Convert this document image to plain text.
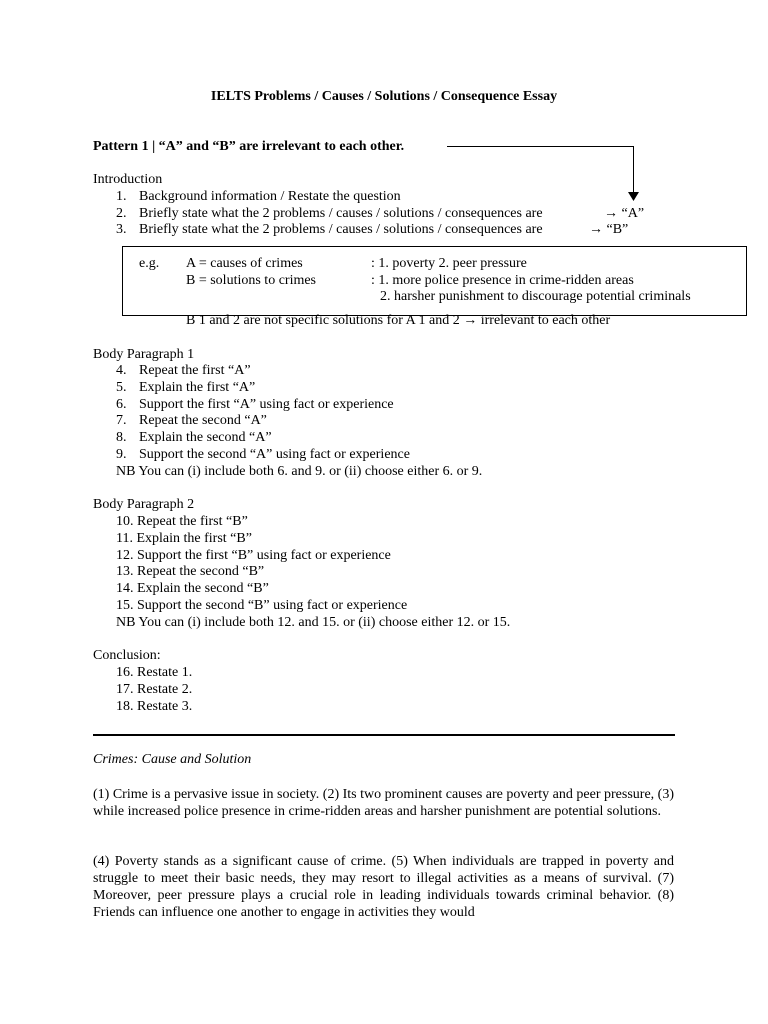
IELTS Problems / Causes / Solutions / Consequence Essay
Pattern 1 | “A” and “B” are irrelevant to each other.
Introduction
1. Background information / Restate the question
2. Briefly state what the 2 problems / causes / solutions / consequences are	→ “A”
3. Briefly state what the 2 problems / causes / solutions / consequences are	→ “B”
e.g. A = causes of crimes	: 1. poverty 2. peer pressure
B = solutions to crimes	: 1. more police presence in crime-ridden areas
2. harsher punishment to discourage potential criminals
B 1 and 2 are not specific solutions for A 1 and 2 → irrelevant to each other
Body Paragraph 1
4. Repeat the first “A”
5. Explain the first “A”
6. Support the first “A” using fact or experience
7. Repeat the second “A”
8. Explain the second “A”
9. Support the second “A” using fact or experience
NB You can (i) include both 6. and 9. or (ii) choose either 6. or 9.
Body Paragraph 2
10. Repeat the first “B”
11. Explain the first “B”
12. Support the first “B” using fact or experience
13. Repeat the second “B”
14. Explain the second “B”
15. Support the second “B” using fact or experience
NB You can (i) include both 12. and 15. or (ii) choose either 12. or 15.
Conclusion:
16. Restate 1.
17. Restate 2.
18. Restate 3.
Crimes: Cause and Solution
(1) Crime is a pervasive issue in society. (2) Its two prominent causes are poverty and peer pressure, (3) while increased police presence in crime-ridden areas and harsher punishment are potential solutions.
(4) Poverty stands as a significant cause of crime. (5) When individuals are trapped in poverty and struggle to meet their basic needs, they may resort to illegal activities as a means of survival. (7) Moreover, peer pressure plays a crucial role in leading individuals towards criminal behavior. (8) Friends can influence one another to engage in activities they would
